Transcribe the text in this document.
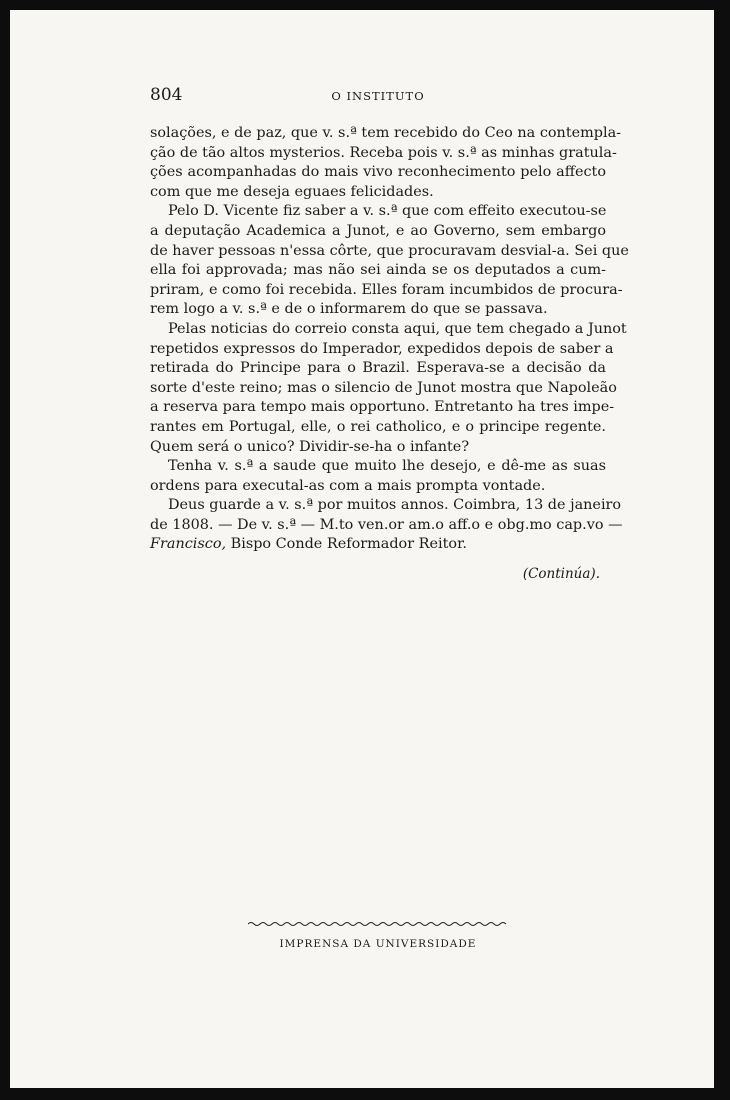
804	O INSTITUTO

solações, e de paz, que v. s.ª tem recebido do Ceo na contempla-
ção de tão altos mysterios. Receba pois v. s.ª as minhas gratula-
ções acompanhadas do mais vivo reconhecimento pelo affecto
com que me deseja eguaes felicidades.

Pelo D. Vicente fiz saber a v. s.ª que com effeito executou-se
a deputação Academica a Junot, e ao Governo, sem embargo
de haver pessoas n'essa côrte, que procuravam desvial-a. Sei que
ella foi approvada; mas não sei ainda se os deputados a cum-
priram, e como foi recebida. Elles foram incumbidos de procura-
rem logo a v. s.ª e de o informarem do que se passava.

Pelas noticias do correio consta aqui, que tem chegado a Junot
repetidos expressos do Imperador, expedidos depois de saber a
retirada do Principe para o Brazil. Esperava-se a decisão da
sorte d'este reino; mas o silencio de Junot mostra que Napoleão
a reserva para tempo mais opportuno. Entretanto ha tres impe-
rantes em Portugal, elle, o rei catholico, e o principe regente.
Quem será o unico? Dividir-se-ha o infante?

Tenha v. s.ª a saude que muito lhe desejo, e dê-me as suas
ordens para executal-as com a mais prompta vontade.

Deus guarde a v. s.ª por muitos annos. Coimbra, 13 de janeiro
de 1808. — De v. s.ª — M.to ven.or am.o aff.o e obg.mo cap.vo —
Francisco, Bispo Conde Reformador Reitor.

(Continúa).
IMPRENSA DA UNIVERSIDADE
